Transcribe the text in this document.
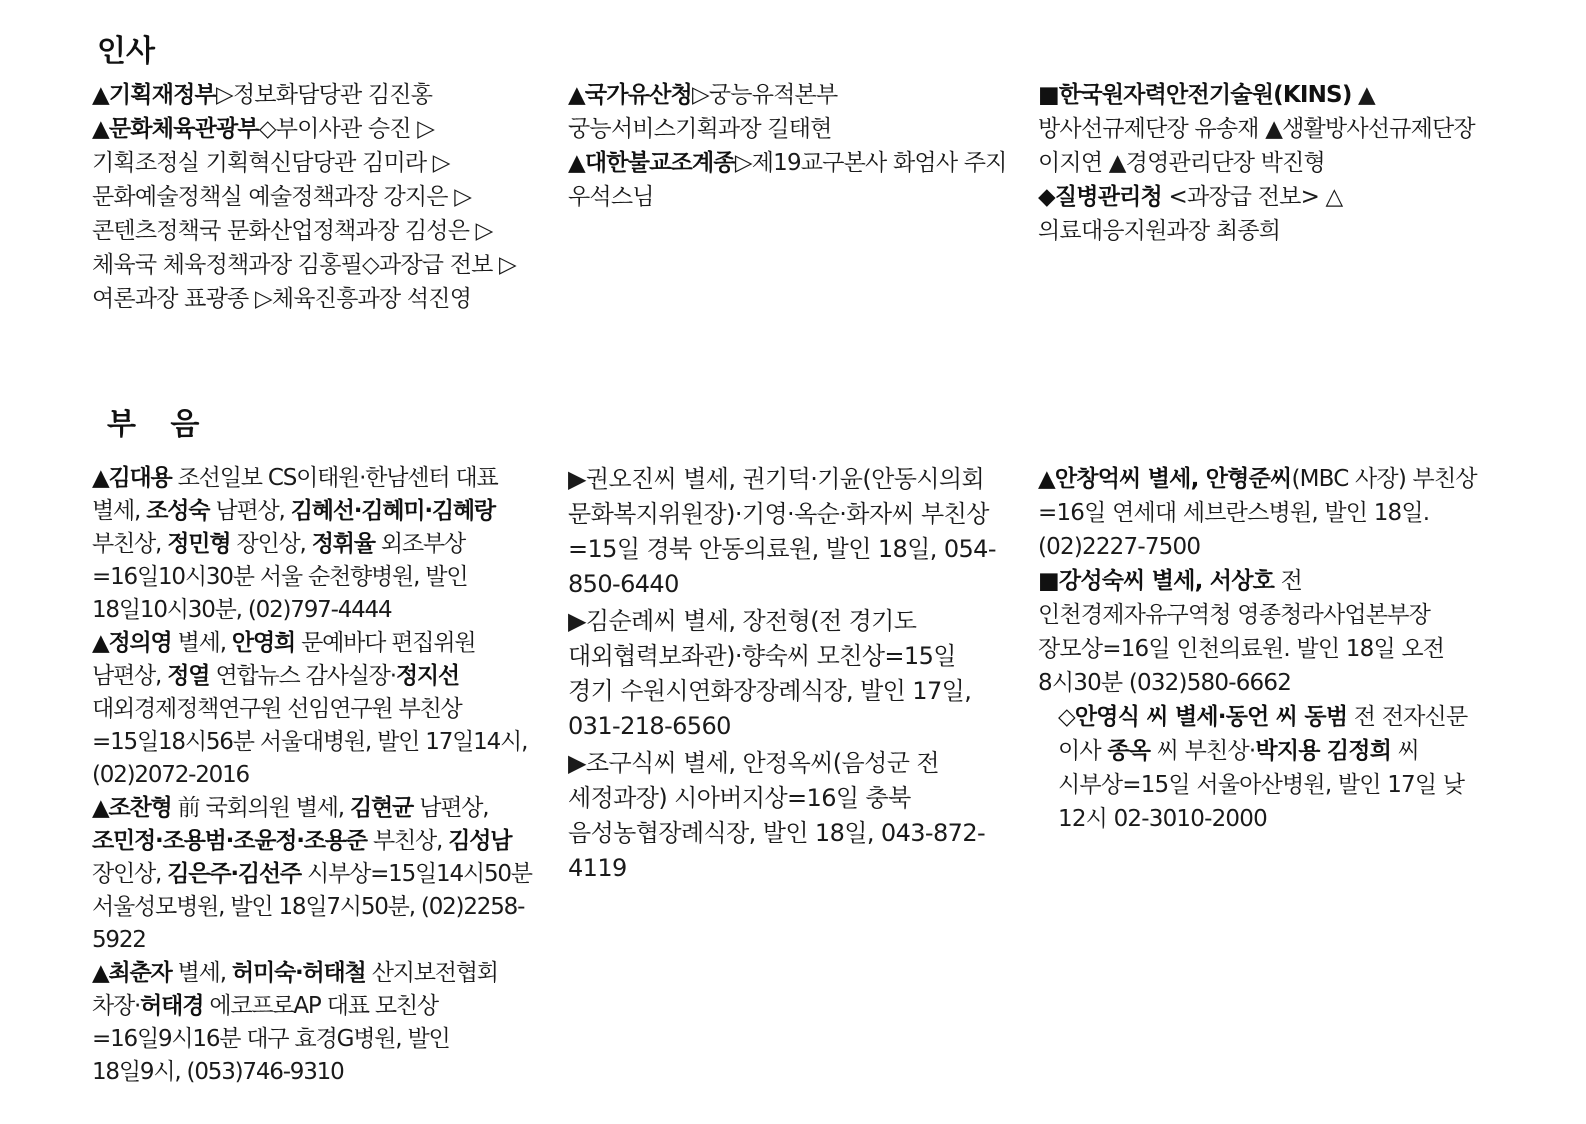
인사

▲기획재정부▷정보화담당관 김진홍

▲문화체육관광부◇부이사관 승진 ▷기획조정실 기획혁신담당관 김미라 ▷문화예술정책실 예술정책과장 강지은 ▷콘텐츠정책국 문화산업정책과장 김성은 ▷체육국 체육정책과장 김홍필◇과장급 전보 ▷여론과장 표광종 ▷체육진흥과장 석진영

▲국가유산청▷궁능유적본부 궁능서비스기획과장 길태현

▲대한불교조계종▷제19교구본사 화엄사 주지 우석스님

■한국원자력안전기술원(KINS) ▲방사선규제단장 유송재 ▲생활방사선규제단장 이지연 ▲경영관리단장 박진형

◆질병관리청 <과장급 전보> △의료대응지원과장 최종희

부 음

▲김대용 조선일보 CS이태원·한남센터 대표 별세, 조성숙 남편상, 김혜선·김혜미·김혜랑 부친상, 정민형 장인상, 정휘율 외조부상=16일10시30분 서울 순천향병원, 발인 18일10시30분, (02)797-4444

▲정의영 별세, 안영희 문예바다 편집위원 남편상, 정열 연합뉴스 감사실장·정지선 대외경제정책연구원 선임연구원 부친상=15일18시56분 서울대병원, 발인 17일14시, (02)2072-2016

▲조찬형 前 국회의원 별세, 김현균 남편상, 조민정·조용범·조윤정·조용준 부친상, 김성남 장인상, 김은주·김선주 시부상=15일14시50분 서울성모병원, 발인 18일7시50분, (02)2258-5922

▲최춘자 별세, 허미숙·허태철 산지보전협회 차장·허태경 에코프로AP 대표 모친상=16일9시16분 대구 효경G병원, 발인 18일9시, (053)746-9310

▶권오진씨 별세, 권기덕·기윤(안동시의회 문화복지위원장)·기영·옥순·화자씨 부친상=15일 경북 안동의료원, 발인 18일, 054-850-6440

▶김순례씨 별세, 장전형(전 경기도 대외협력보좌관)·향숙씨 모친상=15일 경기 수원시연화장장례식장, 발인 17일, 031-218-6560

▶조구식씨 별세, 안정옥씨(음성군 전 세정과장) 시아버지상=16일 충북 음성농협장례식장, 발인 18일, 043-872-4119

▲안창억씨 별세, 안형준씨(MBC 사장) 부친상=16일 연세대 세브란스병원, 발인 18일. (02)2227-7500

■강성숙씨 별세, 서상호 전 인천경제자유구역청 영종청라사업본부장 장모상=16일 인천의료원. 발인 18일 오전 8시30분 (032)580-6662

◇안영식 씨 별세·동언 씨 동범 전 전자신문 이사 종옥 씨 부친상·박지용 김정희 씨 시부상=15일 서울아산병원, 발인 17일 낮 12시 02-3010-2000
